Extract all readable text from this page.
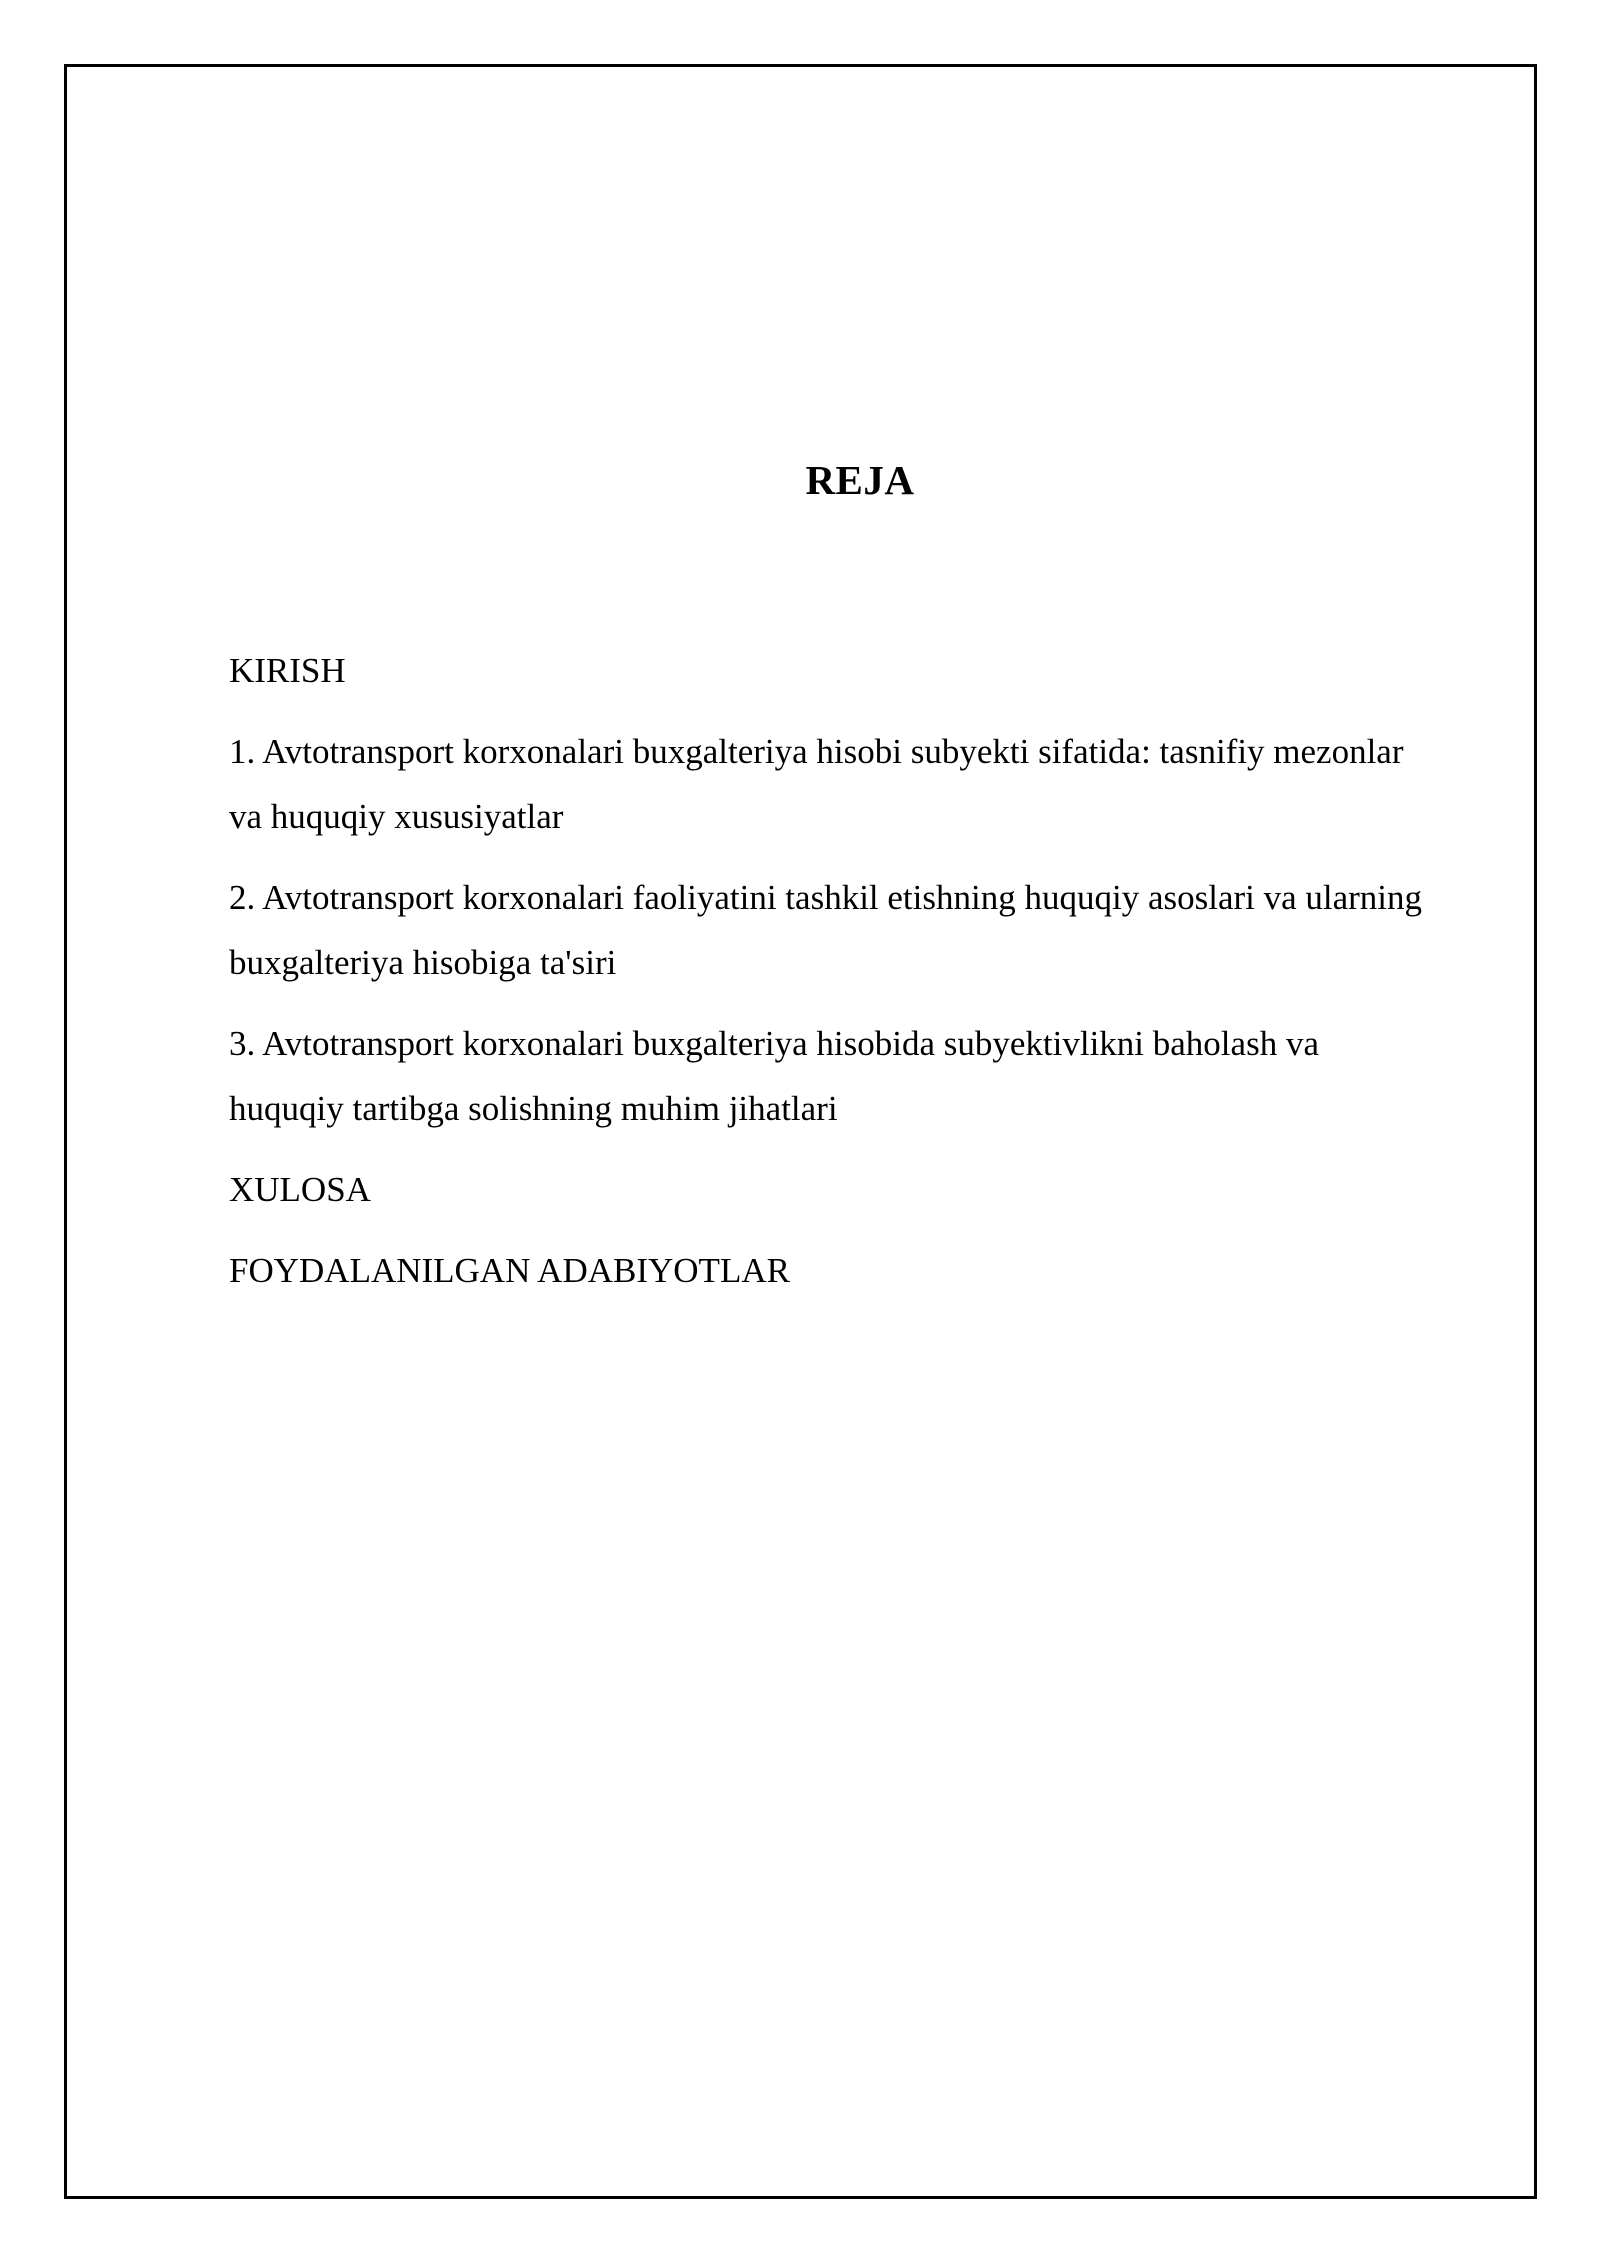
REJA

KIRISH

1. Avtotransport korxonalari buxgalteriya hisobi subyekti sifatida: tasnifiy mezonlar va huquqiy xususiyatlar

2. Avtotransport korxonalari faoliyatini tashkil etishning huquqiy asoslari va ularning buxgalteriya hisobiga ta'siri

3. Avtotransport korxonalari buxgalteriya hisobida subyektivlikni baholash va huquqiy tartibga solishning muhim jihatlari

XULOSA

FOYDALANILGAN ADABIYOTLAR
